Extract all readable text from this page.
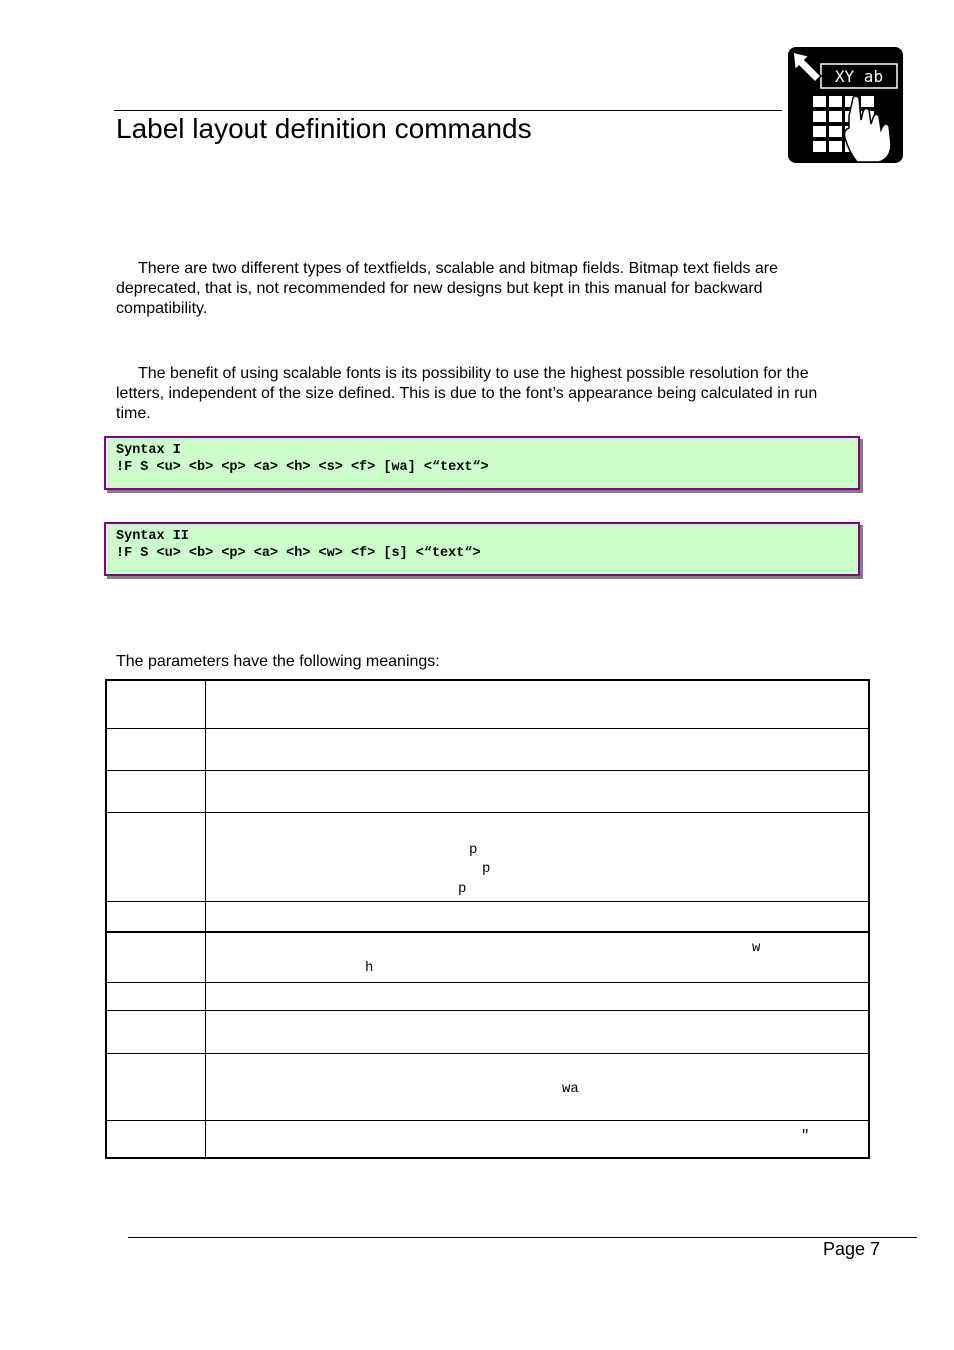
Label layout definition commands
XY ab
There are two different types of textfields, scalable and bitmap fields. Bitmap text fields are deprecated, that is, not recommended for new designs but kept in this manual for backward compatibility.
The benefit of using scalable fonts is its possibility to use the highest possible resolution for the letters, independent of the size defined. This is due to the font’s appearance being calculated in run time.
Syntax I
!F S <u> <b> <p> <a> <h> <s> <f> [wa] <“text“>
Syntax II
!F S <u> <b> <p> <a> <h> <w> <f> [s] <“text“>
The parameters have the following meanings:
p
p
p
w
h
wa
"
Page 7
